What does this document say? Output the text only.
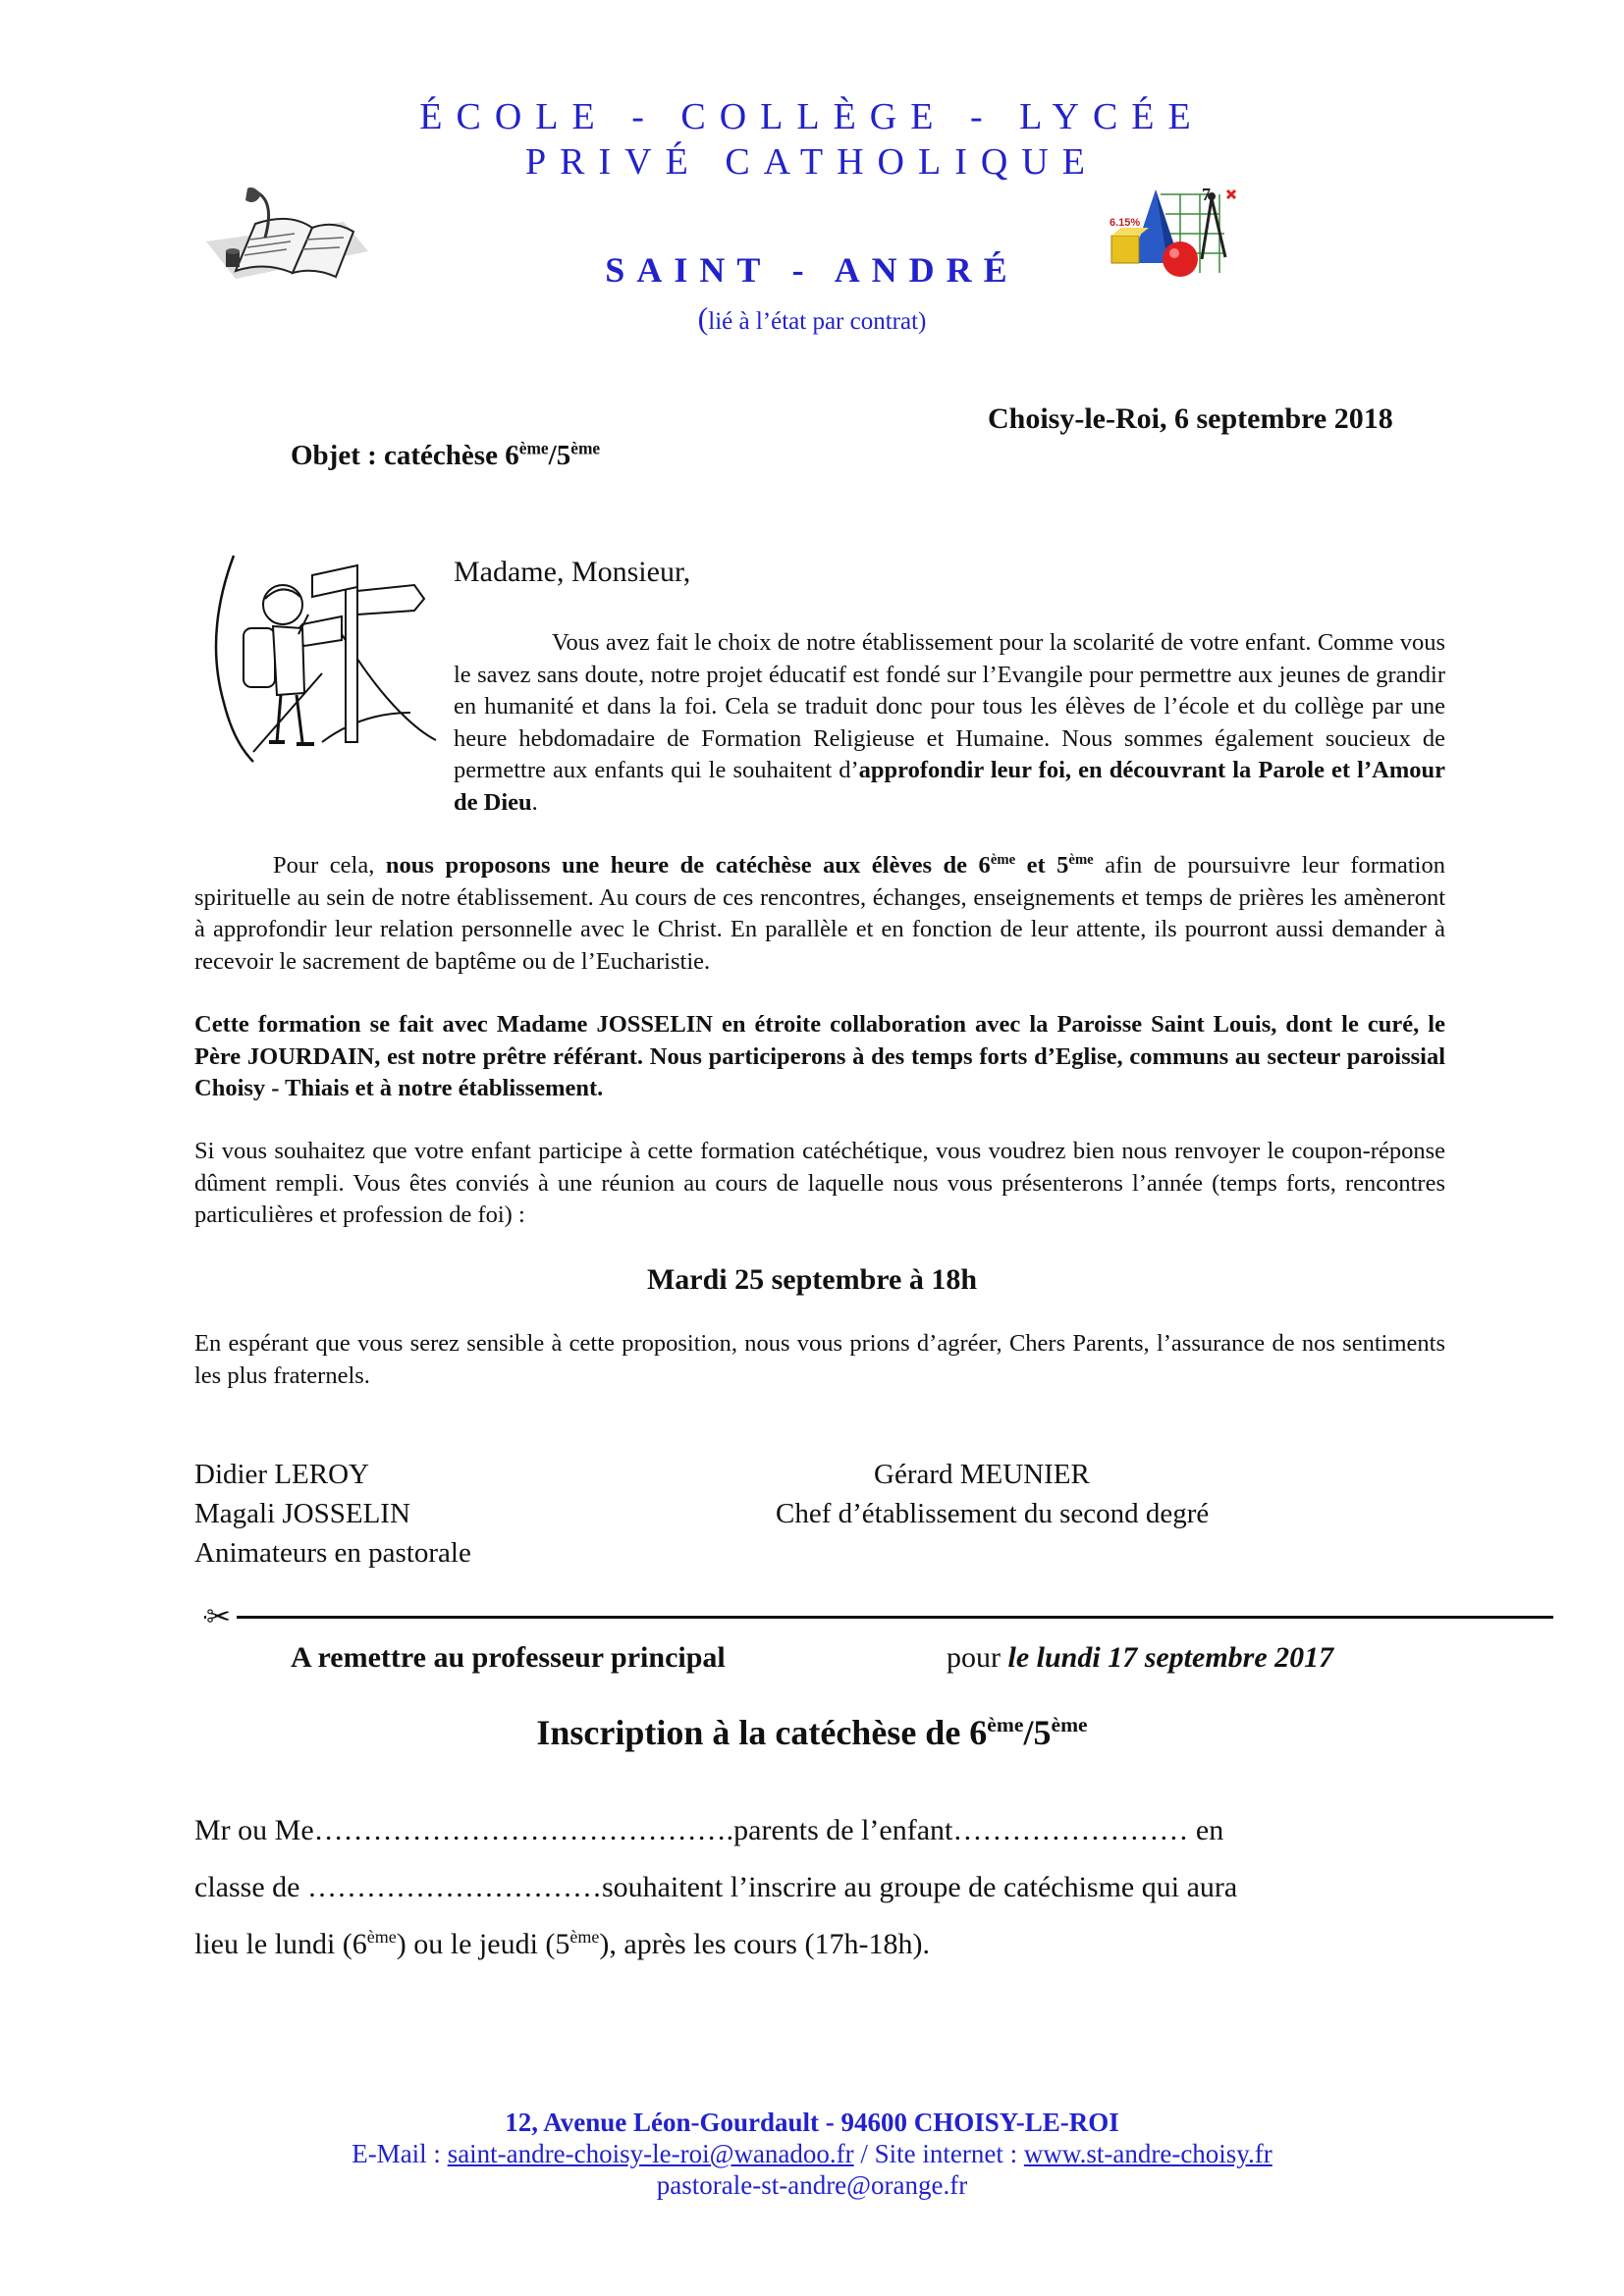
ÉCOLE - COLLÈGE - LYCÉE
PRIVÉ CATHOLIQUE
6.15%
7
SAINT - ANDRÉ
(lié à l’état par contrat)
Choisy-le-Roi, 6 septembre 2018
Objet : catéchèse 6ème/5ème
Madame, Monsieur,
Vous avez fait le choix de notre établissement pour la scolarité de votre enfant. Comme vous le savez sans doute, notre projet éducatif est fondé sur l’Evangile pour permettre aux jeunes de grandir en humanité et dans la foi. Cela se traduit donc pour tous les élèves de l’école et du collège par une heure hebdomadaire de Formation Religieuse et Humaine. Nous sommes également soucieux de permettre aux enfants qui le souhaitent d’approfondir leur foi, en découvrant la Parole et l’Amour de Dieu.
Pour cela, nous proposons une heure de catéchèse aux élèves de 6ème et 5ème afin de poursuivre leur formation spirituelle au sein de notre établissement. Au cours de ces rencontres, échanges, enseignements et temps de prières les amèneront à approfondir leur relation personnelle avec le Christ. En parallèle et en fonction de leur attente, ils pourront aussi demander à recevoir le sacrement de baptême ou de l’Eucharistie.
Cette formation se fait avec Madame JOSSELIN en étroite collaboration avec la Paroisse Saint Louis, dont le curé, le Père JOURDAIN, est notre prêtre référant. Nous participerons à des temps forts d’Eglise, communs au secteur paroissial Choisy - Thiais et à notre établissement.
Si vous souhaitez que votre enfant participe à cette formation catéchétique, vous voudrez bien nous renvoyer le coupon-réponse dûment rempli. Vous êtes conviés à une réunion au cours de laquelle nous vous présenterons l’année (temps forts, rencontres particulières et profession de foi) :
Mardi 25 septembre à 18h
En espérant que vous serez sensible à cette proposition, nous vous prions d’agréer, Chers Parents, l’assurance de nos sentiments les plus fraternels.
Didier LEROY
Magali JOSSELIN
Animateurs en pastorale
Gérard MEUNIER
Chef d’établissement du second degré
✂
A remettre au professeur principal	pour le lundi 17 septembre 2017
Inscription à la catéchèse de 6ème/5ème
Mr ou Me…………………………………….parents de l’enfant…………………… en
classe de …………………………souhaitent l’inscrire au groupe de catéchisme qui aura
lieu le lundi (6ème) ou le jeudi (5ème), après les cours (17h-18h).
12, Avenue Léon-Gourdault - 94600 CHOISY-LE-ROI
E-Mail : saint-andre-choisy-le-roi@wanadoo.fr / Site internet : www.st-andre-choisy.fr
pastorale-st-andre@orange.fr
